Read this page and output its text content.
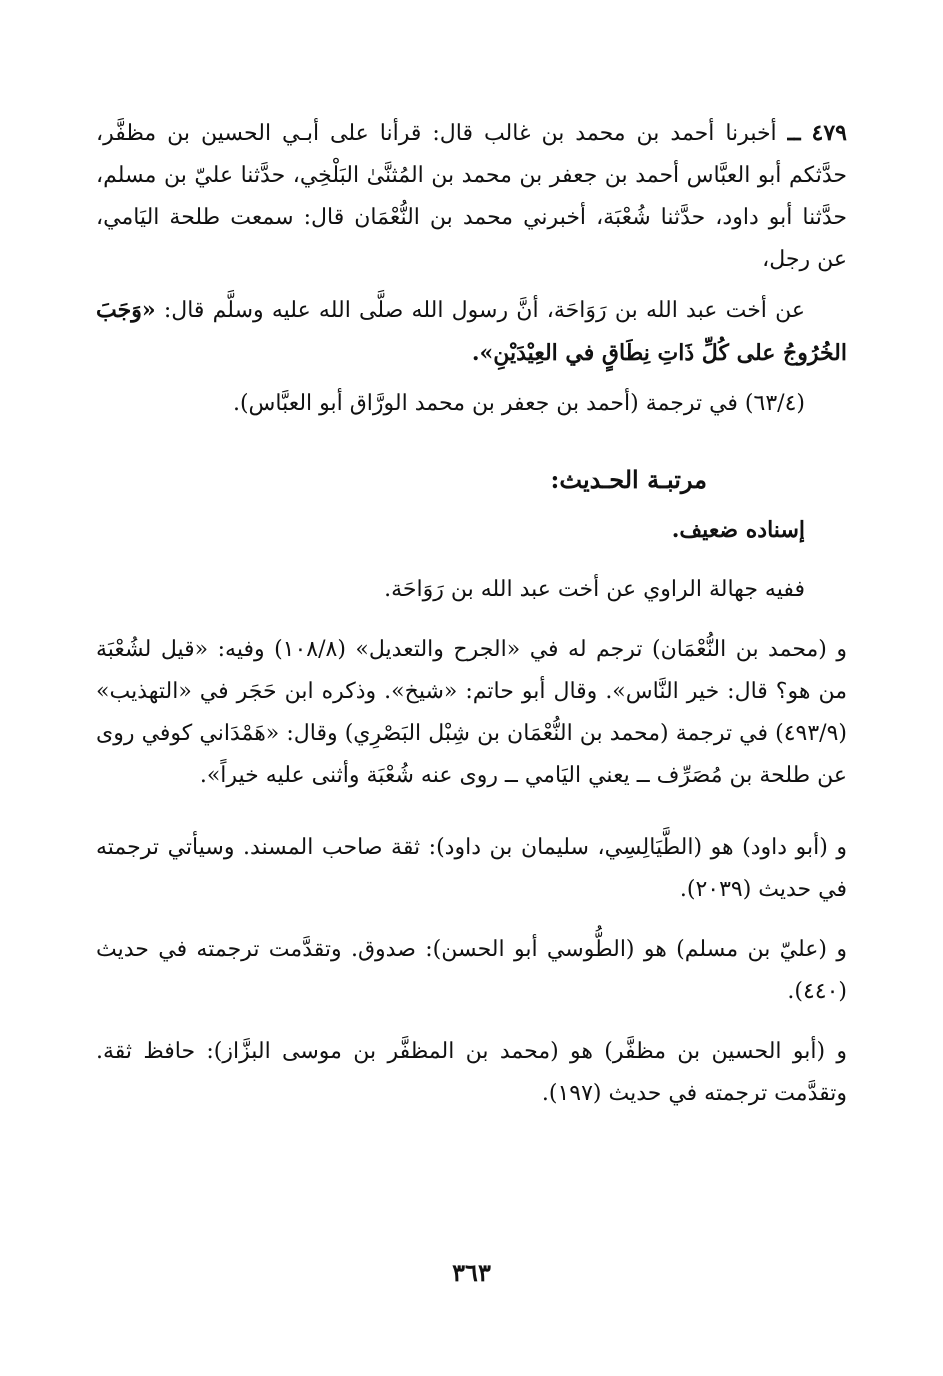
٤٧٩ ــ أخبرنا أحمد بن محمد بن غالب قال: قرأنا على أبـي الحسين بن مظفَّر، حدَّثكم أبو العبَّاس أحمد بن جعفر بن محمد بن المُثنَّىٰ البَلْخِي، حدَّثنا عليّ بن مسلم، حدَّثنا أبو داود، حدَّثنا شُعْبَة، أخبرني محمد بن النُّعْمَان قال: سمعت طلحة اليَامي، عن رجل،

عن أخت عبد الله بن رَوَاحَة، أنَّ رسول الله صلَّى الله عليه وسلَّم قال: «وَجَبَ الخُرُوجُ على كُلِّ ذَاتِ نِطَاقٍ في العِيْدَيْنِ».

(٦٣/٤) في ترجمة (أحمد بن جعفر بن محمد الورَّاق أبو العبَّاس).

مرتبـة الحـديث:

إسناده ضعيف.

ففيه جهالة الراوي عن أخت عبد الله بن رَوَاحَة.

و (محمد بن النُّعْمَان) ترجم له في «الجرح والتعديل» (١٠٨/٨) وفيه: «قيل لشُعْبَة من هو؟ قال: خير النَّاس». وقال أبو حاتم: «شيخ». وذكره ابن حَجَر في «التهذيب» (٤٩٣/٩) في ترجمة (محمد بن النُّعْمَان بن شِبْل البَصْرِي) وقال: «هَمْدَاني كوفي روى عن طلحة بن مُصَرِّف ــ يعني اليَامي ــ روى عنه شُعْبَة وأثنى عليه خيراً».

و (أبو داود) هو (الطَّيَالِسِي، سليمان بن داود): ثقة صاحب المسند. وسيأتي ترجمته في حديث (٢٠٣٩).

و (عليّ بن مسلم) هو (الطُّوسي أبو الحسن): صدوق. وتقدَّمت ترجمته في حديث (٤٤٠).

و (أبو الحسين بن مظفَّر) هو (محمد بن المظفَّر بن موسى البزَّاز): حافظ ثقة. وتقدَّمت ترجمته في حديث (١٩٧).

٣٦٣
